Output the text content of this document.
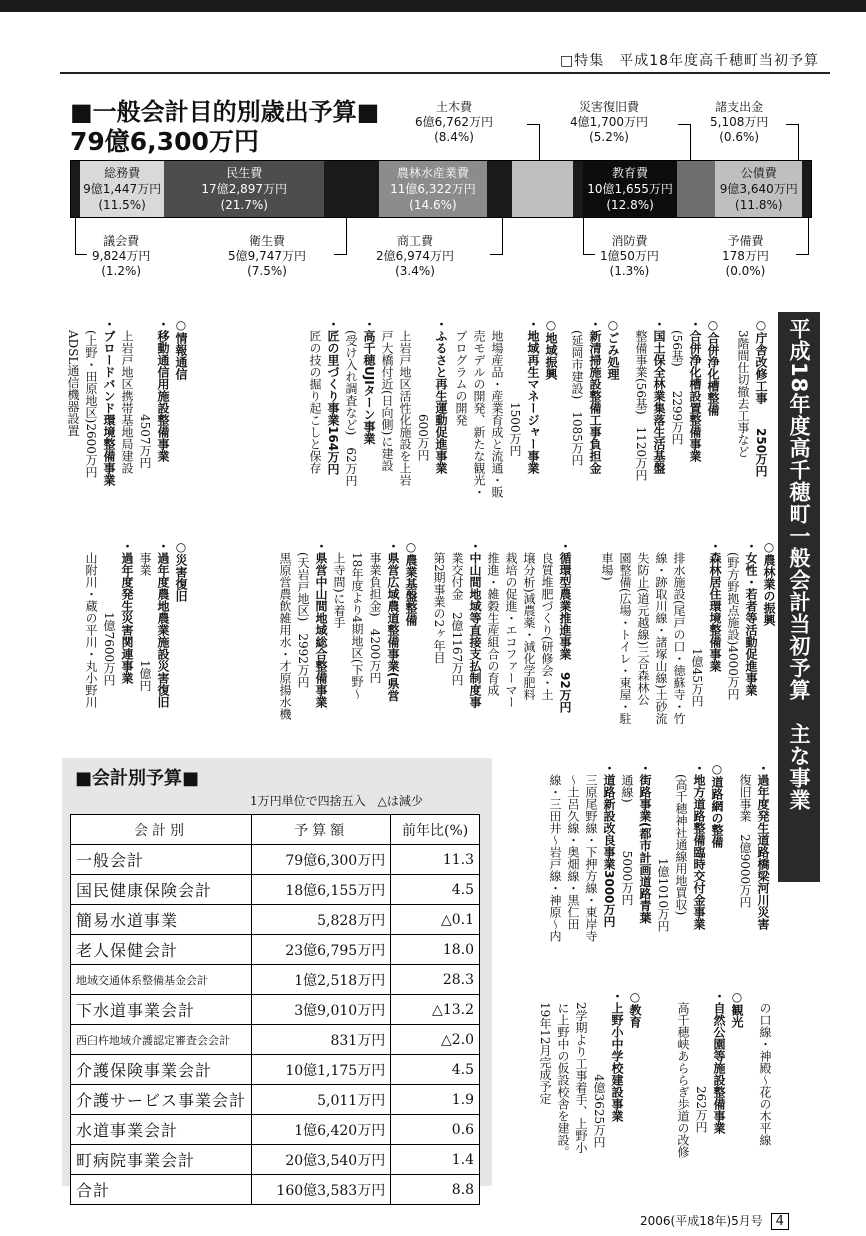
□特集　平成18年度高千穂町当初予算
■一般会計目的別歳出予算■
79億6,300万円
総務費
9億1,447万円
(11.5%)
民生費
17億2,897万円
(21.7%)
農林水産業費
11億6,322万円
(14.6%)
教育費
10億1,655万円
(12.8%)
公債費
9億3,640万円
(11.8%)
土木費
6億6,762万円
(8.4%)
災害復旧費
4億1,700万円
(5.2%)
諸支出金
5,108万円
(0.6%)
議会費
9,824万円
(1.2%)
衛生費
5億9,747万円
(7.5%)
商工費
2億6,974万円
(3.4%)
消防費
1億50万円
(1.3%)
予備費
178万円
(0.0%)
平成18年度高千穂町一般会計当初予算　主な事業
○庁舎改修工事　　250万円
　3階間仕切撤去工事など
○合併浄化槽整備
・合併浄化槽設置整備事業
　(56基)　　2299万円
・国土保全林業集落生活基盤
　整備事業(56基)　1120万円
○ごみ処理
・新清掃施設整備工事負担金
　(延岡市建設)　1085万円
○地域振興
・地域再生マネージャー事業
　　　　　　　1500万円
　地場産品・産業育成と流通・販
　売モデルの開発、新たな観光・
　プログラムの開発
・ふるさと再生運動促進事業
　　　　　　　　600万円
　上岩戸地区活性化施設を上岩
　戸大橋付近(日向側)に建設
・高千穂UJIターン事業
　(受け入れ調査など)　62万円
・匠の里づくり事業164万円
　匠の技の掘り起こしと保存
○情報通信
・移動通信用施設整備事業
　　　　　　　　4507万円
　上岩戸地区携帯基地局建設
・ブロードバンド環境整備事業
　(上野・田原地区)2600万円
　ADSL通信機器設置
○農林業の振興
・女性・若者等活動促進事業
　(野方野拠点施設)4000万円
・森林居住環境整備事業
　　　　　　　　　1億45万円
　排水施設(尾戸の口・徳蘇寺・竹
　線・跡取川線・諸塚山線)土砂流
　失防止(道元越線)三合森林公
　園整備(広場・トイレ・東屋・駐
　車場)
・循環型農業推進事業　92万円
　良質堆肥づくり(研修会・土
　壌分析)減農薬・減化学肥料
　栽培の促進・エコファーマー
　推進・雑穀生産組合の育成
・中山間地域等直接支払制度事
　業交付金　2億1167万円
　第2期事業の2ヶ年目
○農業基盤整備
・県営広域農道整備事業(県営
　事業負担金)　4200万円
　18年度より4期地区(下野～
　上寺間)に着手
・県営中山間地域総合整備事業
　(天岩戸地区)　2992万円
　黒原営農飲雑用水・才原揚水機
○災害復旧
・過年度農地農業施設災害復旧
　事業　　　　　　　1億円
・過年度発生災害関連事業
　　　　　　1億7600万円
　山附川・蔵の平川・丸小野川
・過年度発生道路橋梁河川災害
　復旧事業　2億9000万円
○道路網の整備
・地方道路整備臨時交付金事業
　(高千穂神社通線用地買収)
　　　　　　　　1億1010万円
・街路事業(都市計画道路青葉
　通線)　　　　5000万円
・道路新設改良事業3000万円
　三原尾野線・下押方線・東岸寺
　～土呂久線・奥畑線・黒仁田
　線・三田井～岩戸線・神原～内
　の口線・神殿～花の木平線
○観光
・自然公園等施設整備事業
　　　　　　　　262万円
　高千穂峡あららぎ歩道の改修
○教育
・上野小中学校建設事業
　　　　　　　4億3625万円
　2学期より工事着手、上野小
　に上野中の仮設校舎を建設。
　19年12月完成予定
■会計別予算■
1万円単位で四捨五入　△は減少
会計別	予算額	前年比(%)
一般会計	79億6,300万円	11.3
国民健康保険会計	18億6,155万円	4.5
簡易水道事業	5,828万円	△0.1
老人保健会計	23億6,795万円	18.0
地域交通体系整備基金会計	1億2,518万円	28.3
下水道事業会計	3億9,010万円	△13.2
西臼杵地域介護認定審査会会計	831万円	△2.0
介護保険事業会計	10億1,175万円	4.5
介護サービス事業会計	5,011万円	1.9
水道事業会計	1億6,420万円	0.6
町病院事業会計	20億3,540万円	1.4
合計	160億3,583万円	8.8
2006(平成18年)5月号 4
